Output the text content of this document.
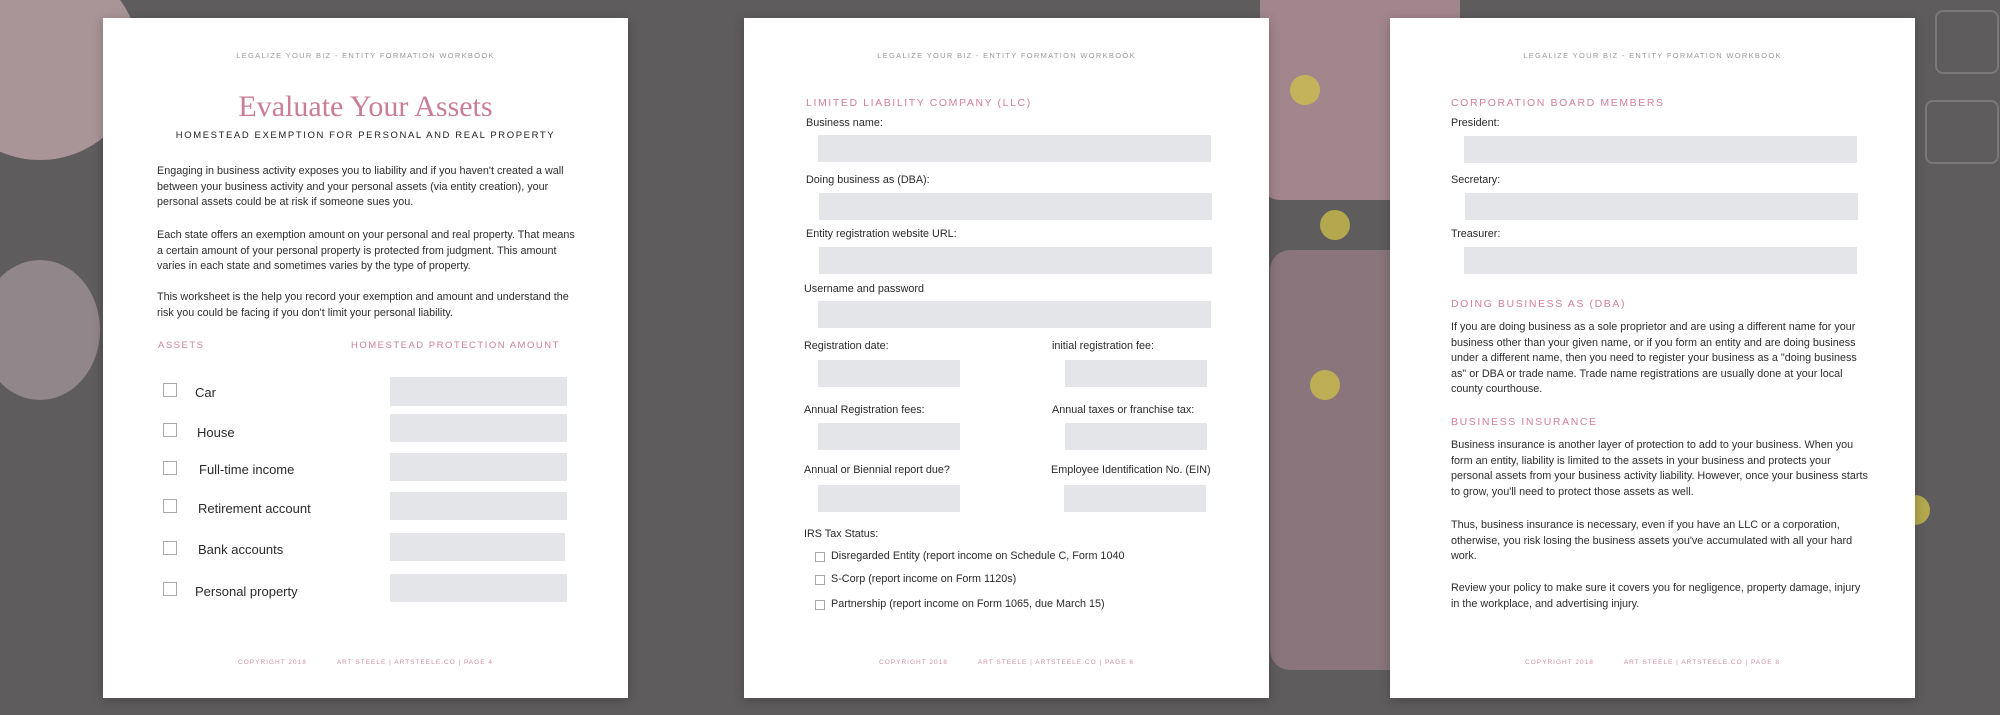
LEGALIZE YOUR BIZ - ENTITY FORMATION WORKBOOK
Evaluate Your Assets
HOMESTEAD EXEMPTION FOR PERSONAL AND REAL PROPERTY
Engaging in business activity exposes you to liability and if you haven't created a wall between your business activity and your personal assets (via entity creation), your personal assets could be at risk if someone sues you.
Each state offers an exemption amount on your personal and real property. That means a certain amount of your personal property is protected from judgment. This amount varies in each state and sometimes varies by the type of property.
This worksheet is the help you record your exemption and amount and understand the risk you could be facing if you don't limit your personal liability.
ASSETS	HOMESTEAD PROTECTION AMOUNT
Car
House
Full-time income
Retirement account
Bank accounts
Personal property
COPYRIGHT 2018	ART STEELE | ARTSTEELE.CO | PAGE 4
LEGALIZE YOUR BIZ - ENTITY FORMATION WORKBOOK
LIMITED LIABILITY COMPANY (LLC)
Business name:
Doing business as (DBA):
Entity registration website URL:
Username and password
Registration date:	initial registration fee:
Annual Registration fees:	Annual taxes or franchise tax:
Annual or Biennial report due?	Employee Identification No. (EIN)
IRS Tax Status:
Disregarded Entity (report income on Schedule C, Form 1040
S-Corp (report income on Form 1120s)
Partnership (report income on Form 1065, due March 15)
COPYRIGHT 2018	ART STEELE | ARTSTEELE.CO | PAGE 6
LEGALIZE YOUR BIZ - ENTITY FORMATION WORKBOOK
CORPORATION BOARD MEMBERS
President:
Secretary:
Treasurer:
DOING BUSINESS AS (DBA)
If you are doing business as a sole proprietor and are using a different name for your business other than your given name, or if you form an entity and are doing business under a different name, then you need to register your business as a "doing business as" or DBA or trade name. Trade name registrations are usually done at your local county courthouse.
BUSINESS INSURANCE
Business insurance is another layer of protection to add to your business. When you form an entity, liability is limited to the assets in your business and protects your personal assets from your business activity liability. However, once your business starts to grow, you'll need to protect those assets as well.
Thus, business insurance is necessary, even if you have an LLC or a corporation, otherwise, you risk losing the business assets you've accumulated with all your hard work.
Review your policy to make sure it covers you for negligence, property damage, injury in the workplace, and advertising injury.
COPYRIGHT 2018	ART STEELE | ARTSTEELE.CO | PAGE 8
